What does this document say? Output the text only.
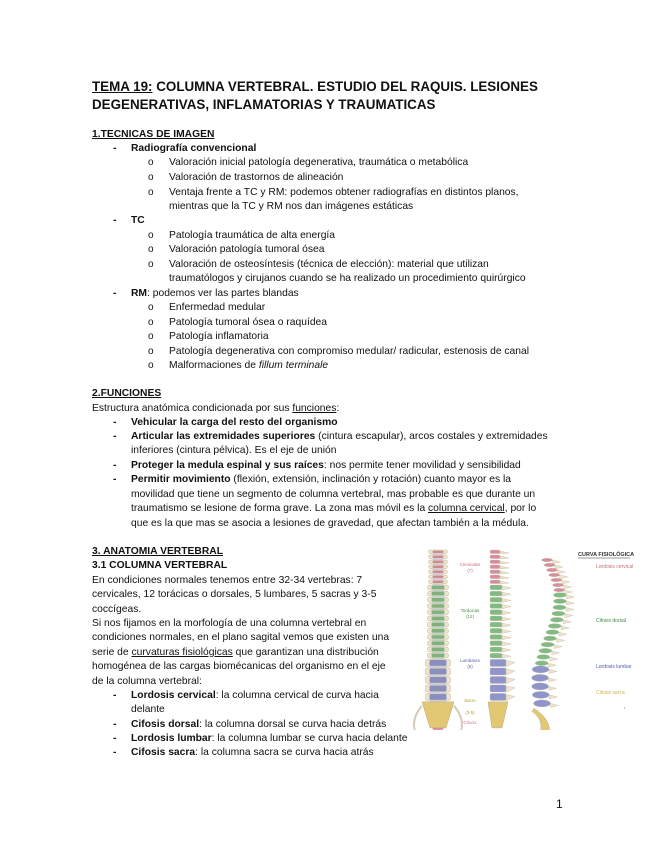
TEMA 19: COLUMNA VERTEBRAL. ESTUDIO DEL RAQUIS. LESIONES
DEGENERATIVAS, INFLAMATORIAS Y TRAUMATICAS
1.TECNICAS DE IMAGEN
- Radiografía convencional
o Valoración inicial patología degenerativa, traumática o metabólica
o Valoración de trastornos de alineación
o Ventaja frente a TC y RM: podemos obtener radiografías en distintos planos,
mientras que la TC y RM nos dan imágenes estáticas
- TC
o Patología traumática de alta energía
o Valoración patología tumoral ósea
o Valoración de osteosíntesis (técnica de elección): material que utilizan
traumatólogos y cirujanos cuando se ha realizado un procedimiento quirúrgico
- RM: podemos ver las partes blandas
o Enfermedad medular
o Patología tumoral ósea o raquídea
o Patología inflamatoria
o Patología degenerativa con compromiso medular/ radicular, estenosis de canal
o Malformaciones de fillum terminale
2.FUNCIONES
Estructura anatómica condicionada por sus funciones:
- Vehicular la carga del resto del organismo
- Articular las extremidades superiores (cintura escapular), arcos costales y extremidades
inferiores (cintura pélvica). Es el eje de unión
- Proteger la medula espinal y sus raíces: nos permite tener movilidad y sensibilidad
- Permitir movimiento (flexión, extensión, inclinación y rotación) cuanto mayor es la
movilidad que tiene un segmento de columna vertebral, mas probable es que durante un
traumatismo se lesione de forma grave. La zona mas móvil es la columna cervical, por lo
que es la que mas se asocia a lesiones de gravedad, que afectan también a la médula.
3. ANATOMIA VERTEBRAL
3.1 COLUMNA VERTEBRAL
En condiciones normales tenemos entre 32-34 vertebras: 7
cervicales, 12 torácicas o dorsales, 5 lumbares, 5 sacras y 3-5
coccígeas.
Si nos fijamos en la morfología de una columna vertebral en
condiciones normales, en el plano sagital vemos que existen una
serie de curvaturas fisiológicas que garantizan una distribución
homogénea de las cargas biomécanicas del organismo en el eje
de la columna vertebral:
- Lordosis cervical: la columna cervical de curva hacia
delante
- Cifosis dorsal: la columna dorsal se curva hacia detrás
- Lordosis lumbar: la columna lumbar se curva hacia delante
- Cifosis sacra: la columna sacra se curva hacia atrás
CURVA FISIOLÓGICA
Cervicales
(7)
Torácicas
(12)
Lumbares
(5)
Sacro
(3-5)
Cóccix
Lordosis cervical
Cifosis dorsal
Lordosis lumbar
Cifosis sacra
,
1
